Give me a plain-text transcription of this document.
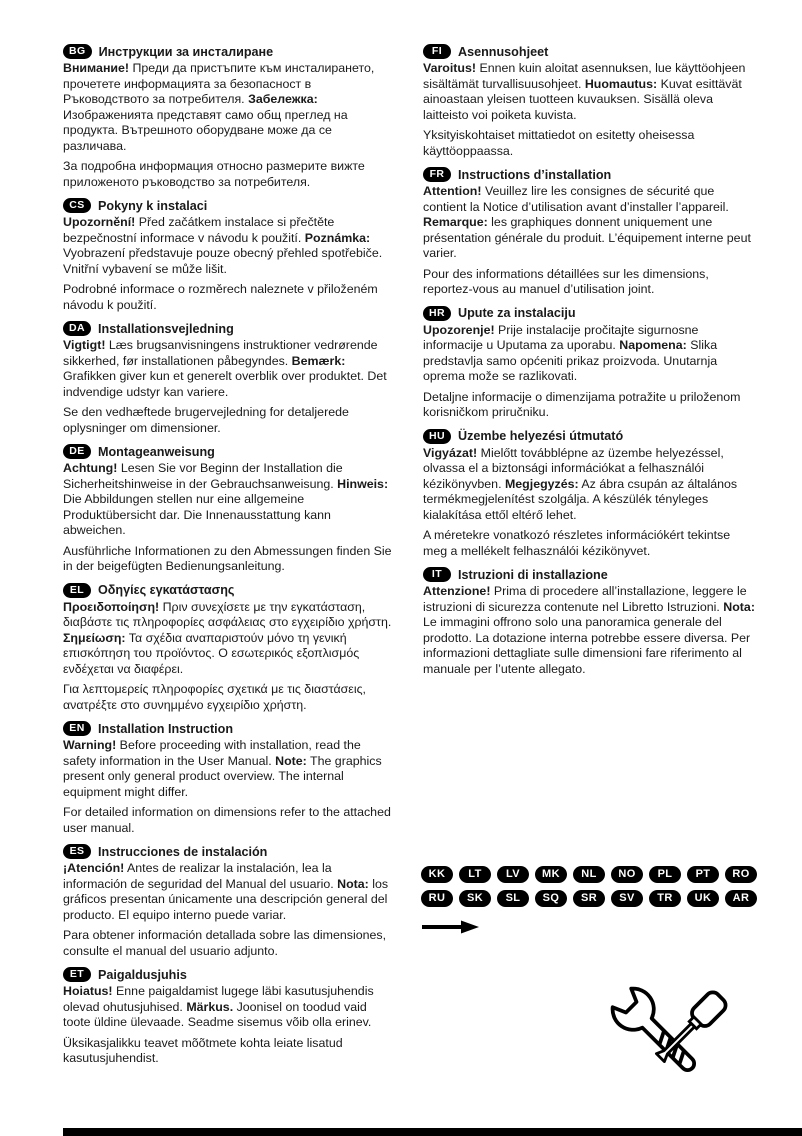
BG	Инструкции за инсталиране

Внимание! Преди да пристъпите към инсталирането, прочетете информацията за безопасност в Ръководството за потребителя. Забележка: Изображенията представят само общ преглед на продукта. Вътрешното оборудване може да се различава.

За подробна информация относно размерите вижте приложеното ръководство за потребителя.

CS	Pokyny k instalaci

Upozornění! Před začátkem instalace si přečtěte bezpečnostní informace v návodu k použití. Poznámka: Vyobrazení představuje pouze obecný přehled spotřebiče. Vnitřní vybavení se může lišit.

Podrobné informace o rozměrech naleznete v přiloženém návodu k použití.

DA	Installationsvejledning

Vigtigt! Læs brugsanvisningens instruktioner vedrørende sikkerhed, før installationen påbegyndes. Bemærk: Grafikken giver kun et generelt overblik over produktet. Det indvendige udstyr kan variere.

Se den vedhæftede brugervejledning for detaljerede oplysninger om dimensioner.

DE	Montageanweisung

Achtung! Lesen Sie vor Beginn der Installation die Sicherheitshinweise in der Gebrauchsanweisung. Hinweis: Die Abbildungen stellen nur eine allgemeine Produktübersicht dar. Die Innenausstattung kann abweichen.

Ausführliche Informationen zu den Abmessungen finden Sie in der beigefügten Bedienungsanleitung.

EL	Οδηγίες εγκατάστασης

Προειδοποίηση! Πριν συνεχίσετε με την εγκατάσταση, διαβάστε τις πληροφορίες ασφάλειας στο εγχειρίδιο χρήστη. Σημείωση: Τα σχέδια αναπαριστούν μόνο τη γενική επισκόπηση του προϊόντος. Ο εσωτερικός εξοπλισμός ενδέχεται να διαφέρει.

Για λεπτομερείς πληροφορίες σχετικά με τις διαστάσεις, ανατρέξτε στο συνημμένο εγχειρίδιο χρήστη.

EN	Installation Instruction

Warning! Before proceeding with installation, read the safety information in the User Manual. Note: The graphics present only general product overview. The internal equipment might differ.

For detailed information on dimensions refer to the attached user manual.

ES	Instrucciones de instalación

¡Atención! Antes de realizar la instalación, lea la información de seguridad del Manual del usuario. Nota: los gráficos presentan únicamente una descripción general del producto. El equipo interno puede variar.

Para obtener información detallada sobre las dimensiones, consulte el manual del usuario adjunto.

ET	Paigaldusjuhis

Hoiatus! Enne paigaldamist lugege läbi kasutusjuhendis olevad ohutusjuhised. Märkus. Joonisel on toodud vaid toote üldine ülevaade. Seadme sisemus võib olla erinev.

Üksikasjalikku teavet mõõtmete kohta leiate lisatud kasutusjuhendist.

FI	Asennusohjeet

Varoitus! Ennen kuin aloitat asennuksen, lue käyttöohjeen sisältämät turvallisuusohjeet. Huomautus: Kuvat esittävät ainoastaan yleisen tuotteen kuvauksen. Sisällä oleva laitteisto voi poiketa kuvista.

Yksityiskohtaiset mittatiedot on esitetty oheisessa käyttöoppaassa.

FR	Instructions d’installation

Attention! Veuillez lire les consignes de sécurité que contient la Notice d’utilisation avant d’installer l’appareil. Remarque: les graphiques donnent uniquement une présentation générale du produit. L’équipement interne peut varier.

Pour des informations détaillées sur les dimensions, reportez-vous au manuel d’utilisation joint.

HR	Upute za instalaciju

Upozorenje! Prije instalacije pročitajte sigurnosne informacije u Uputama za uporabu. Napomena: Slika predstavlja samo općeniti prikaz proizvoda. Unutarnja oprema može se razlikovati.

Detaljne informacije o dimenzijama potražite u priloženom korisničkom priručniku.

HU	Üzembe helyezési útmutató

Vigyázat! Mielőtt továbblépne az üzembe helyezéssel, olvassa el a biztonsági információkat a felhasználói kézikönyvben. Megjegyzés: Az ábra csupán az általános termékmegjelenítést szolgálja. A készülék tényleges kialakítása ettől eltérő lehet.

A méretekre vonatkozó részletes információkért tekintse meg a mellékelt felhasználói kézikönyvet.

IT	Istruzioni di installazione

Attenzione! Prima di procedere all’installazione, leggere le istruzioni di sicurezza contenute nel Libretto Istruzioni. Nota: Le immagini offrono solo una panoramica generale del prodotto. La dotazione interna potrebbe essere diversa. Per informazioni dettagliate sulle dimensioni fare riferimento al manuale per l’utente allegato.

KK	LT	LV	MK	NL	NO	PL	PT	RO
RU	SK	SL	SQ	SR	SV	TR	UK	AR
